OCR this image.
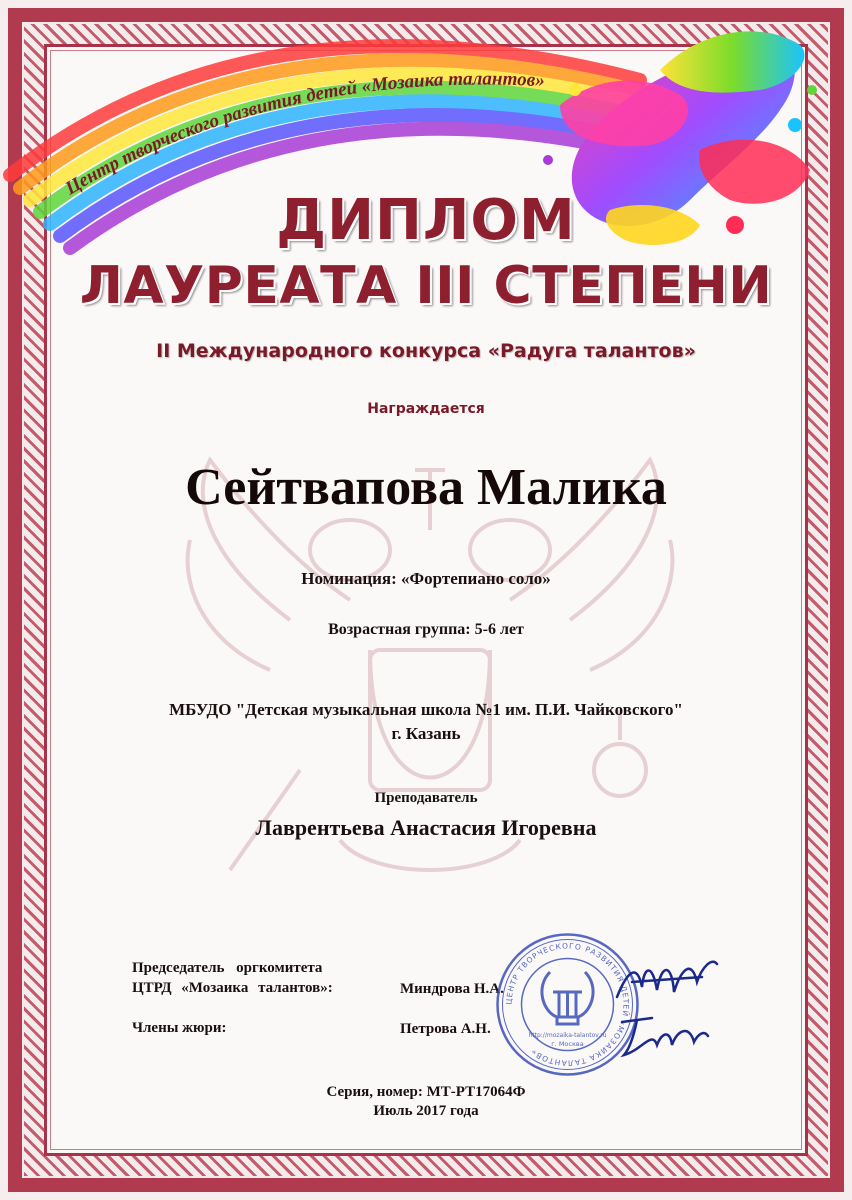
Центр творческого развития детей «Мозаика талантов»
ДИПЛОМ
ЛАУРЕАТА III СТЕПЕНИ
II Международного конкурса «Радуга талантов»
Награждается
Сейтвапова Малика
Номинация: «Фортепиано соло»
Возрастная группа: 5-6 лет
МБУДО "Детская музыкальная школа №1 им. П.И. Чайковского"
г. Казань
Преподаватель
Лаврентьева Анастасия Игоревна
Председатель оргкомитета
ЦТРД «Мозаика талантов»:	Миндрова Н.А.
Члены жюри:	Петрова А.Н.
ЦЕНТР ТВОРЧЕСКОГО РАЗВИТИЯ ДЕТЕЙ «МОЗАИКА ТАЛАНТОВ»
http://mozaika-talantov.ru
г. Москва
Серия, номер: МТ-РТ17064Ф
Июль 2017 года
